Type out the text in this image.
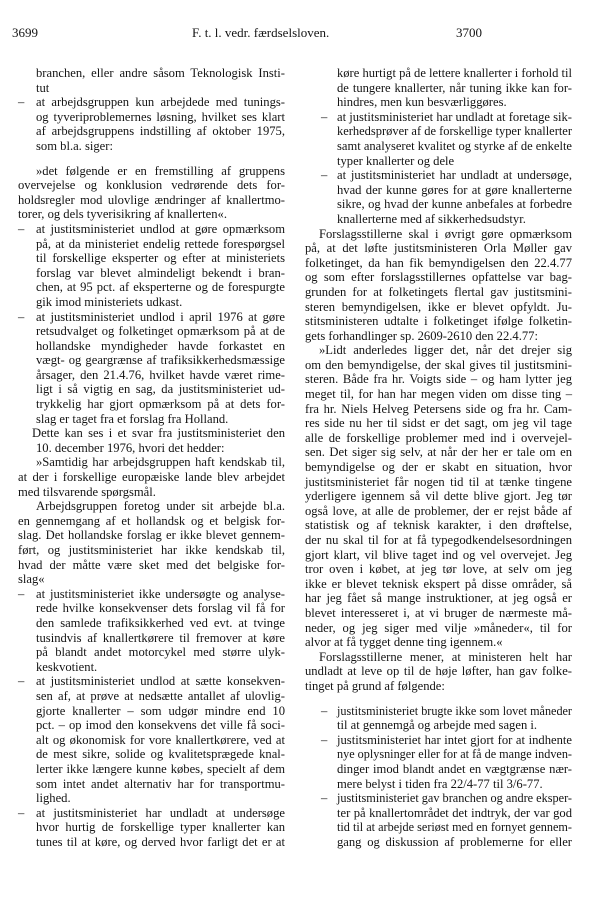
3699	F. t. l. vedr. færdselsloven.	3700
branchen, eller andre såsom Teknologisk Insti-
tut
– at arbejdsgruppen kun arbejdede med tunings-
og tyveriproblemernes løsning, hvilket ses klart
af arbejdsgruppens indstilling af oktober 1975,
som bl.a. siger:
»det følgende er en fremstilling af gruppens
overvejelse og konklusion vedrørende dets for-
holdsregler mod ulovlige ændringer af knallertmo-
torer, og dels tyverisikring af knallerten«.
– at justitsministeriet undlod at gøre opmærksom
på, at da ministeriet endelig rettede forespørgsel
til forskellige eksperter og efter at ministeriets
forslag var blevet almindeligt bekendt i bran-
chen, at 95 pct. af eksperterne og de forespurgte
gik imod ministeriets udkast.
– at justitsministeriet undlod i april 1976 at gøre
retsudvalget og folketinget opmærksom på at de
hollandske myndigheder havde forkastet en
vægt- og geargrænse af trafiksikkerhedsmæssige
årsager, den 21.4.76, hvilket havde været rime-
ligt i så vigtig en sag, da justitsministeriet ud-
trykkelig har gjort opmærksom på at dets for-
slag er taget fra et forslag fra Holland.
Dette kan ses i et svar fra justitsministeriet den
10. december 1976, hvori det hedder:
»Samtidig har arbejdsgruppen haft kendskab til,
at der i forskellige europæiske lande blev arbejdet
med tilsvarende spørgsmål.
Arbejdsgruppen foretog under sit arbejde bl.a.
en gennemgang af et hollandsk og et belgisk for-
slag. Det hollandske forslag er ikke blevet gennem-
ført, og justitsministeriet har ikke kendskab til,
hvad der måtte være sket med det belgiske for-
slag«
– at justitsministeriet ikke undersøgte og analyse-
rede hvilke konsekvenser dets forslag vil få for
den samlede trafiksikkerhed ved evt. at tvinge
tusindvis af knallertkørere til fremover at køre
på blandt andet motorcykel med større ulyk-
keskvotient.
– at justitsministeriet undlod at sætte konsekven-
sen af, at prøve at nedsætte antallet af ulovlig-
gjorte knallerter – som udgør mindre end 10
pct. – op imod den konsekvens det ville få soci-
alt og økonomisk for vore knallertkørere, ved at
de mest sikre, solide og kvalitetsprægede knal-
lerter ikke længere kunne købes, specielt af dem
som intet andet alternativ har for transportmu-
lighed.
– at justitsministeriet har undladt at undersøge
hvor hurtig de forskellige typer knallerter kan
tunes til at køre, og derved hvor farligt det er at
køre hurtigt på de lettere knallerter i forhold til
de tungere knallerter, når tuning ikke kan for-
hindres, men kun besværliggøres.
– at justitsministeriet har undladt at foretage sik-
kerhedsprøver af de forskellige typer knallerter
samt analyseret kvalitet og styrke af de enkelte
typer knallerter og dele
– at justitsministeriet har undladt at undersøge,
hvad der kunne gøres for at gøre knallerterne
sikre, og hvad der kunne anbefales at forbedre
knallerterne med af sikkerhedsudstyr.
Forslagsstillerne skal i øvrigt gøre opmærksom
på, at det løfte justitsministeren Orla Møller gav
folketinget, da han fik bemyndigelsen den 22.4.77
og som efter forslagsstillernes opfattelse var bag-
grunden for at folketingets flertal gav justitsmini-
steren bemyndigelsen, ikke er blevet opfyldt. Ju-
stitsministeren udtalte i folketinget ifølge folketin-
gets forhandlinger sp. 2609-2610 den 22.4.77:
»Lidt anderledes ligger det, når det drejer sig
om den bemyndigelse, der skal gives til justitsmini-
steren. Både fra hr. Voigts side – og ham lytter jeg
meget til, for han har megen viden om disse ting –
fra hr. Niels Helveg Petersens side og fra hr. Cam-
res side nu her til sidst er det sagt, om jeg vil tage
alle de forskellige problemer med ind i overvejel-
sen. Det siger sig selv, at når der her er tale om en
bemyndigelse og der er skabt en situation, hvor
justitsministeriet får nogen tid til at tænke tingene
yderligere igennem så vil dette blive gjort. Jeg tør
også love, at alle de problemer, der er rejst både af
statistisk og af teknisk karakter, i den drøftelse,
der nu skal til for at få typegodkendelsesordningen
gjort klart, vil blive taget ind og vel overvejet. Jeg
tror oven i købet, at jeg tør love, at selv om jeg
ikke er blevet teknisk ekspert på disse områder, så
har jeg fået så mange instruktioner, at jeg også er
blevet interesseret i, at vi bruger de nærmeste må-
neder, og jeg siger med vilje »måneder«, til for
alvor at få tygget denne ting igennem.«
Forslagsstillerne mener, at ministeren helt har
undladt at leve op til de høje løfter, han gav folke-
tinget på grund af følgende:
– justitsministeriet brugte ikke som lovet måneder
til at gennemgå og arbejde med sagen i.
– justitsministeriet har intet gjort for at indhente
nye oplysninger eller for at få de mange indven-
dinger imod blandt andet en vægtgrænse nær-
mere belyst i tiden fra 22/4-77 til 3/6-77.
– justitsministeriet gav branchen og andre eksper-
ter på knallertområdet det indtryk, der var god
tid til at arbejde seriøst med en fornyet gennem-
gang og diskussion af problemerne for eller
